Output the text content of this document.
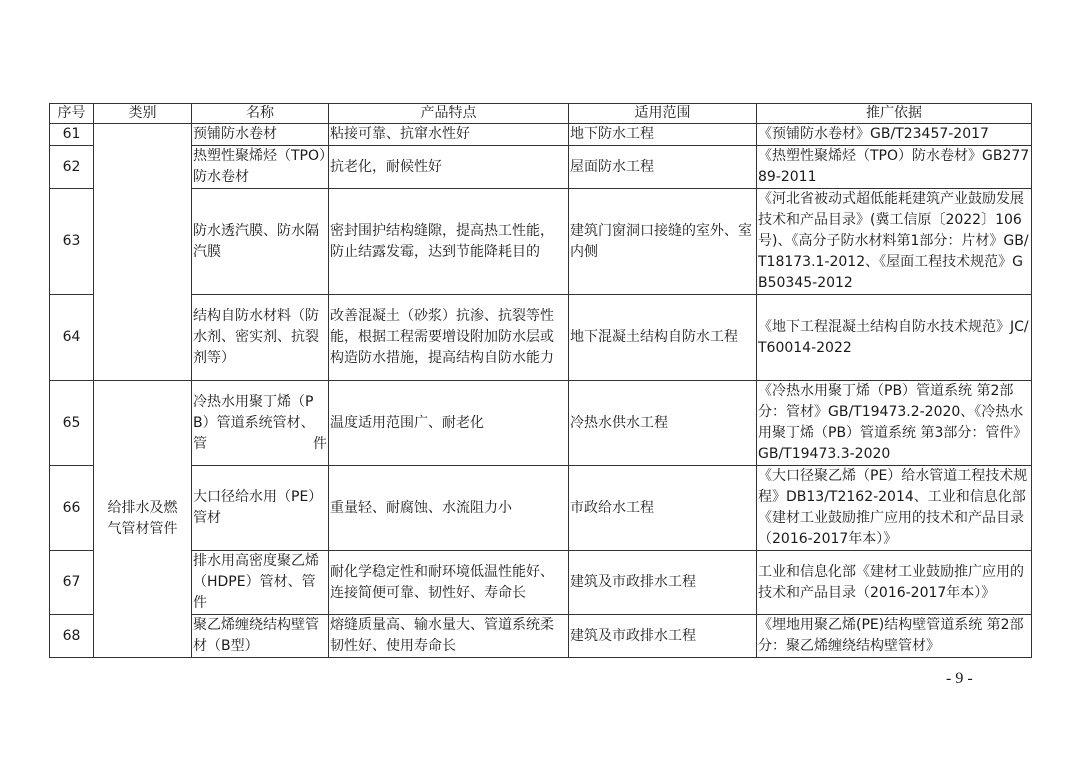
序号	类别	名称	产品特点	适用范围	推广依据
61		预铺防水卷材	粘接可靠、抗窜水性好	地下防水工程	《预铺防水卷材》GB/T23457-2017
62		热塑性聚烯烃（TPO）防水卷材	抗老化，耐候性好	屋面防水工程	《热塑性聚烯烃（TPO）防水卷材》GB27789-2011
63		防水透汽膜、防水隔汽膜	密封围护结构缝隙，提高热工性能，防止结露发霉，达到节能降耗目的	建筑门窗洞口接缝的室外、室内侧	《河北省被动式超低能耗建筑产业鼓励发展技术和产品目录》(冀工信原〔2022〕106号)、《高分子防水材料第1部分：片材》GB/T18173.1-2012、《屋面工程技术规范》GB50345-2012
64		结构自防水材料（防水剂、密实剂、抗裂剂等）	改善混凝土（砂浆）抗渗、抗裂等性能，根据工程需要增设附加防水层或构造防水措施，提高结构自防水能力	地下混凝土结构自防水工程	《地下工程混凝土结构自防水技术规范》JC/T60014-2022
65	给排水及燃气管材管件	冷热水用聚丁烯（PB）管道系统管材、管件	温度适用范围广、耐老化	冷热水供水工程	《冷热水用聚丁烯（PB）管道系统 第2部分：管材》GB/T19473.2-2020、《冷热水用聚丁烯（PB）管道系统 第3部分：管件》GB/T19473.3-2020
66		大口径给水用（PE）管材	重量轻、耐腐蚀、水流阻力小	市政给水工程	《大口径聚乙烯（PE）给水管道工程技术规程》DB13/T2162-2014、工业和信息化部《建材工业鼓励推广应用的技术和产品目录（2016-2017年本）》
67		排水用高密度聚乙烯（HDPE）管材、管件	耐化学稳定性和耐环境低温性能好、连接简便可靠、韧性好、寿命长	建筑及市政排水工程	工业和信息化部《建材工业鼓励推广应用的技术和产品目录（2016-2017年本）》
68		聚乙烯缠绕结构壁管材（B型）	熔缝质量高、输水量大、管道系统柔韧性好、使用寿命长	建筑及市政排水工程	《埋地用聚乙烯(PE)结构壁管道系统 第2部分：聚乙烯缠绕结构壁管材》
- 9 -
